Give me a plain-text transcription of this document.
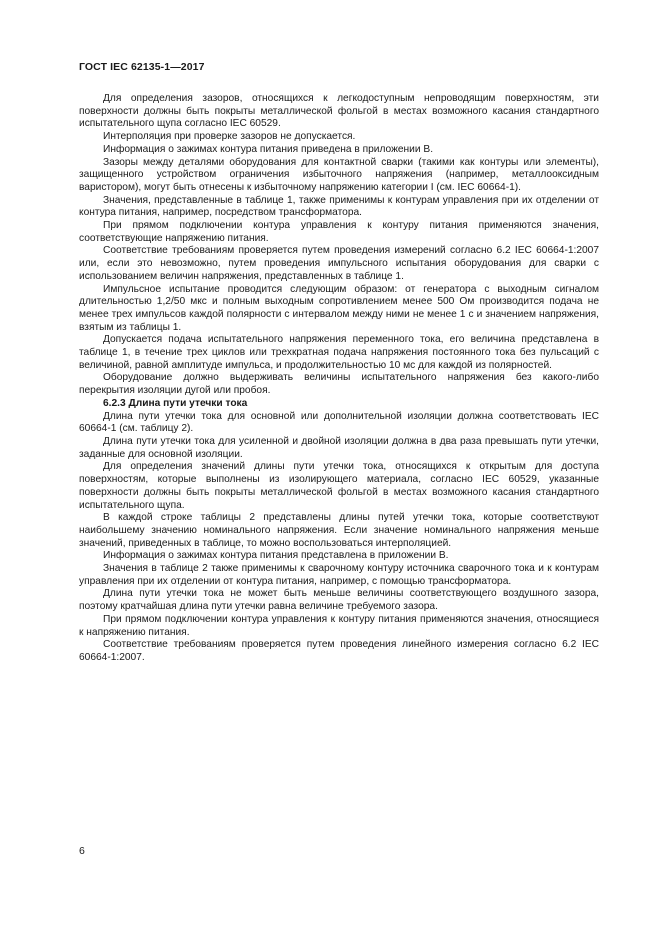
ГОСТ IEC 62135-1—2017

Для определения зазоров, относящихся к легкодоступным непроводящим поверхностям, эти поверхности должны быть покрыты металлической фольгой в местах возможного касания стандартного испытательного щупа согласно IEC 60529.

Интерполяция при проверке зазоров не допускается.

Информация о зажимах контура питания приведена в приложении В.

Зазоры между деталями оборудования для контактной сварки (такими как контуры или элементы), защищенного устройством ограничения избыточного напряжения (например, металлооксидным варистором), могут быть отнесены к избыточному напряжению категории I (см. IEC 60664-1).

Значения, представленные в таблице 1, также применимы к контурам управления при их отделении от контура питания, например, посредством трансформатора.

При прямом подключении контура управления к контуру питания применяются значения, соответствующие напряжению питания.

Соответствие требованиям проверяется путем проведения измерений согласно 6.2 IEC 60664-1:2007 или, если это невозможно, путем проведения импульсного испытания оборудования для сварки с использованием величин напряжения, представленных в таблице 1.

Импульсное испытание проводится следующим образом: от генератора с выходным сигналом длительностью 1,2/50 мкс и полным выходным сопротивлением менее 500 Ом производится подача не менее трех импульсов каждой полярности с интервалом между ними не менее 1 с и значением напряжения, взятым из таблицы 1.

Допускается подача испытательного напряжения переменного тока, его величина представлена в таблице 1, в течение трех циклов или трехкратная подача напряжения постоянного тока без пульсаций с величиной, равной амплитуде импульса, и продолжительностью 10 мс для каждой из полярностей.

Оборудование должно выдерживать величины испытательного напряжения без какого-либо перекрытия изоляции дугой или пробоя.

6.2.3 Длина пути утечки тока

Длина пути утечки тока для основной или дополнительной изоляции должна соответствовать IEC 60664-1 (см. таблицу 2).

Длина пути утечки тока для усиленной и двойной изоляции должна в два раза превышать пути утечки, заданные для основной изоляции.

Для определения значений длины пути утечки тока, относящихся к открытым для доступа поверхностям, которые выполнены из изолирующего материала, согласно IEC 60529, указанные поверхности должны быть покрыты металлической фольгой в местах возможного касания стандартного испытательного щупа.

В каждой строке таблицы 2 представлены длины путей утечки тока, которые соответствуют наибольшему значению номинального напряжения. Если значение номинального напряжения меньше значений, приведенных в таблице, то можно воспользоваться интерполяцией.

Информация о зажимах контура питания представлена в приложении В.

Значения в таблице 2 также применимы к сварочному контуру источника сварочного тока и к контурам управления при их отделении от контура питания, например, с помощью трансформатора.

Длина пути утечки тока не может быть меньше величины соответствующего воздушного зазора, поэтому кратчайшая длина пути утечки равна величине требуемого зазора.

При прямом подключении контура управления к контуру питания применяются значения, относящиеся к напряжению питания.

Соответствие требованиям проверяется путем проведения линейного измерения согласно 6.2 IEC 60664-1:2007.

6
